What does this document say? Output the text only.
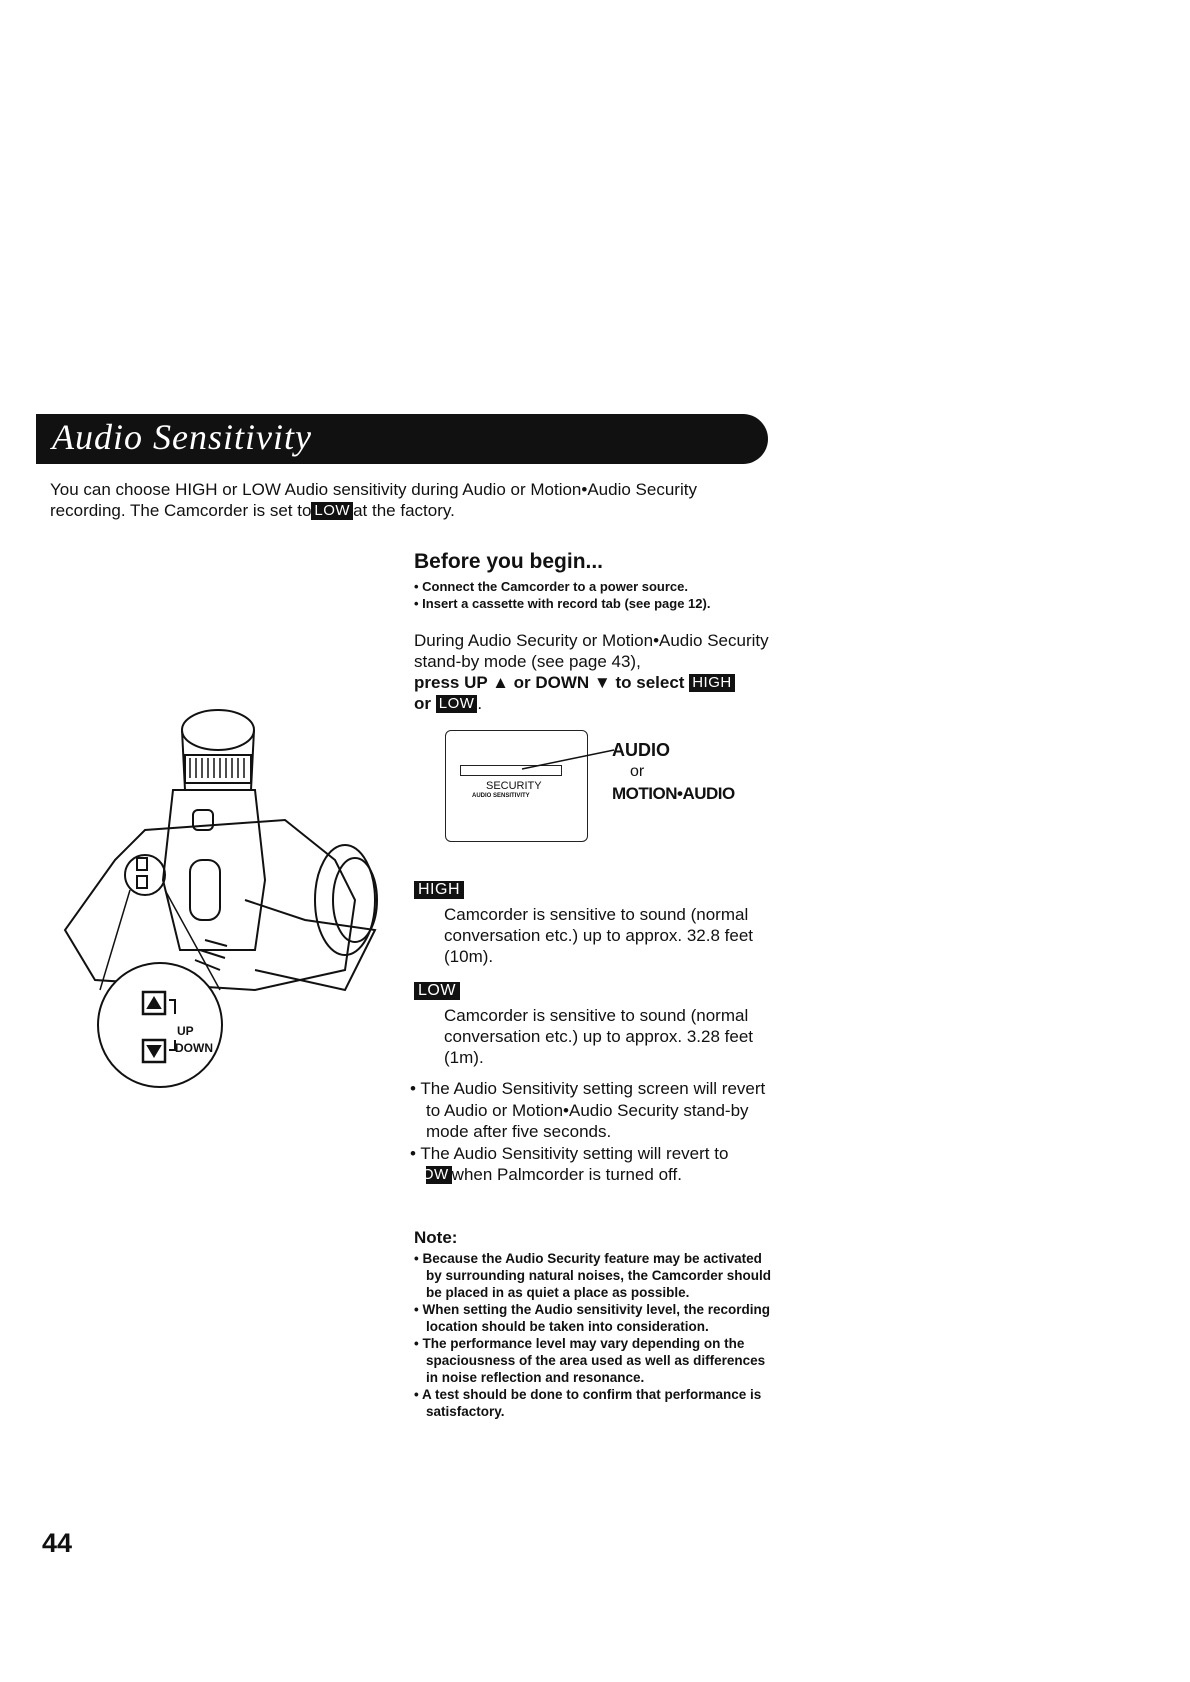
Audio Sensitivity
You can choose HIGH or LOW Audio sensitivity during Audio or Motion•Audio Security
recording. The Camcorder is set to LOW at the factory.
Before you begin...
• Connect the Camcorder to a power source.
• Insert a cassette with record tab (see page 12).
During Audio Security or Motion•Audio Security stand-by mode (see page 43),
press UP ▲ or DOWN ▼ to select HIGH
or LOW .
SECURITY
AUDIO SENSITIVITY
AUDIO
or
MOTION•AUDIO
UP
DOWN
HIGH
Camcorder is sensitive to sound (normal conversation etc.) up to approx. 32.8 feet (10m).
LOW
Camcorder is sensitive to sound (normal conversation etc.) up to approx. 3.28 feet (1m).
• The Audio Sensitivity setting screen will revert to Audio or Motion•Audio Security stand-by mode after five seconds.
• The Audio Sensitivity setting will revert to
LOW when Palmcorder is turned off.
Note:
• Because the Audio Security feature may be activated by surrounding natural noises, the Camcorder should be placed in as quiet a place as possible.
• When setting the Audio sensitivity level, the recording location should be taken into consideration.
• The performance level may vary depending on the spaciousness of the area used as well as differences in noise reflection and resonance.
• A test should be done to confirm that performance is satisfactory.
44
